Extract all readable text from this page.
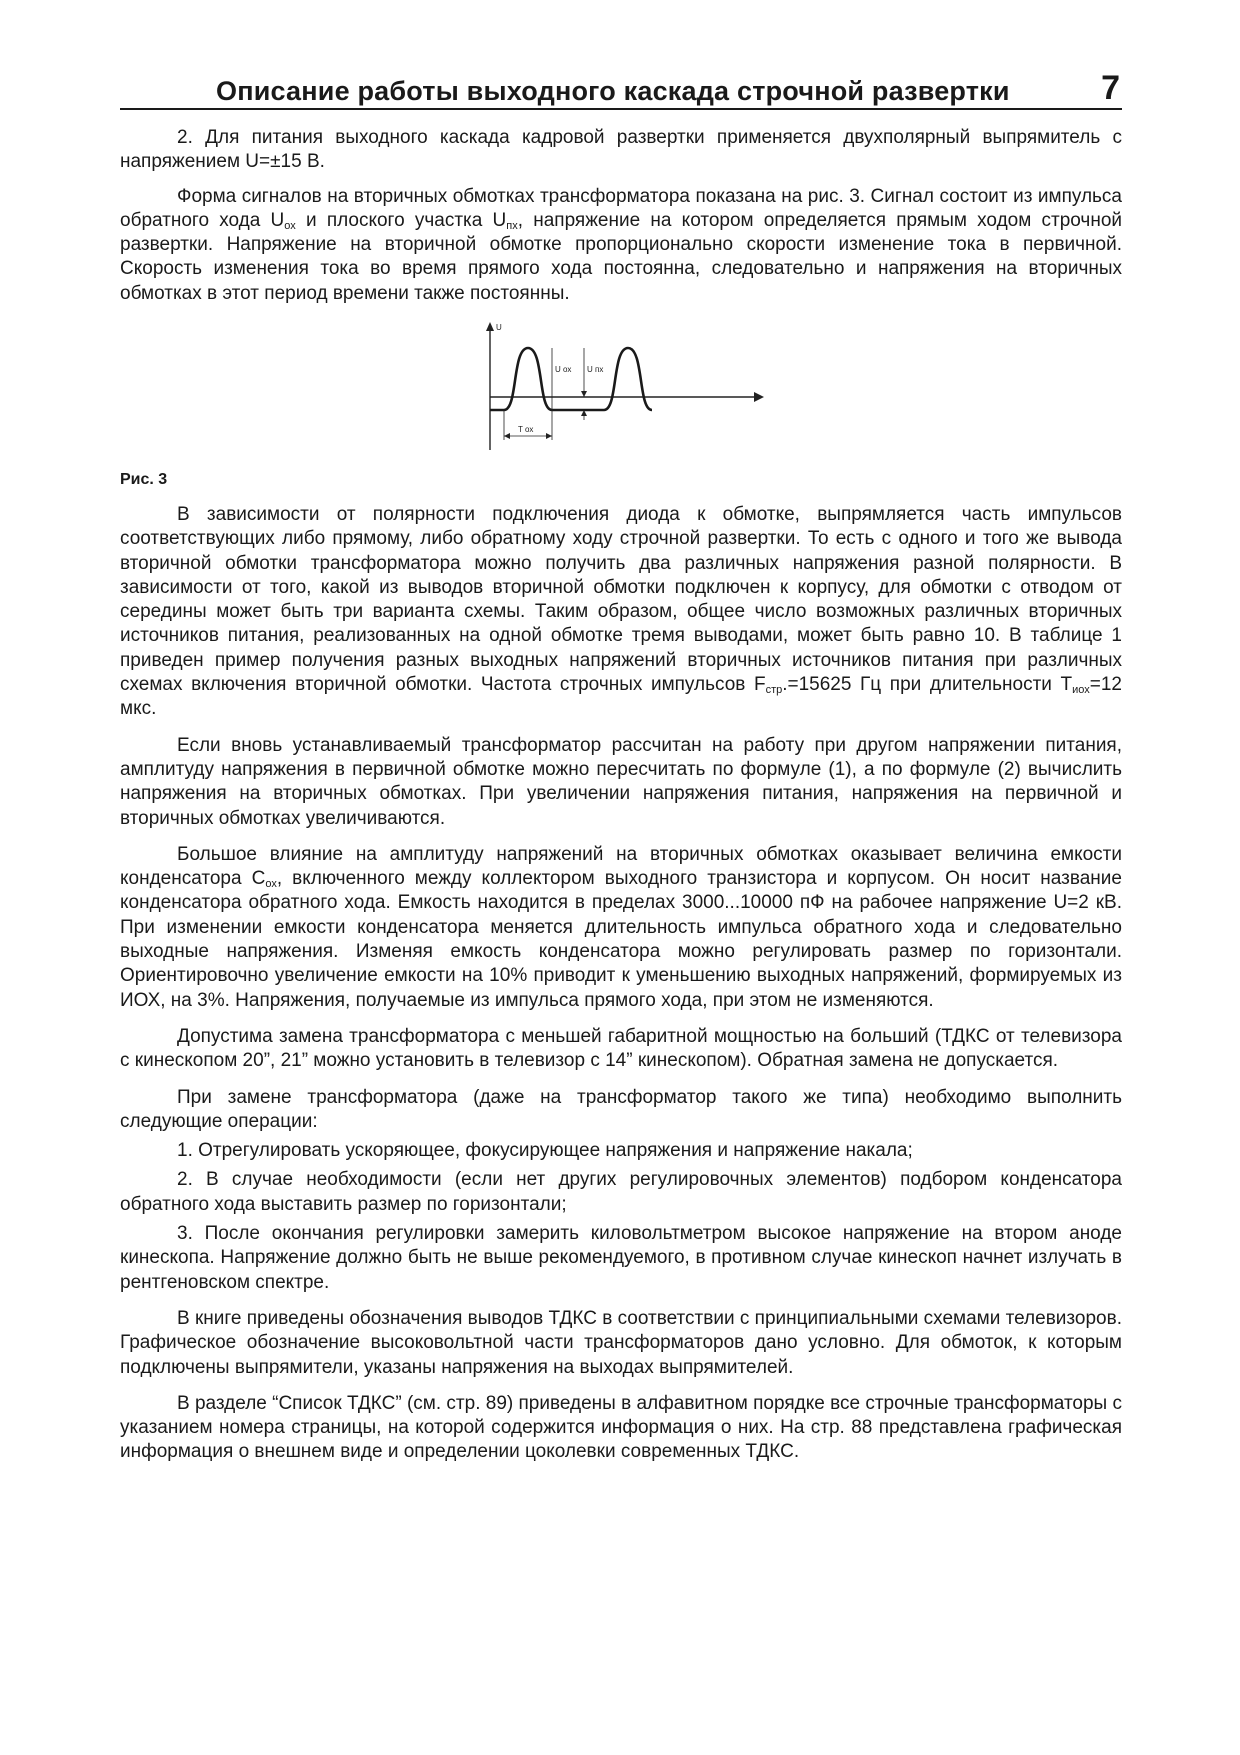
Описание работы выходного каскада строчной развертки	7

2. Для питания выходного каскада кадровой развертки применяется двухполярный выпрямитель с напряжением U=±15 В.

Форма сигналов на вторичных обмотках трансформатора показана на рис. 3. Сигнал состоит из импульса обратного хода $U_{ох}$ и плоского участка $U_{пх}$, напряжение на котором определяется прямым ходом строчной развертки. Напряжение на вторичной обмотке пропорционально скорости изменение тока в первичной. Скорость изменения тока во время прямого хода постоянна, следовательно и напряжения на вторичных обмотках в этот период времени также постоянны.

U
U ох U пх
T ох
Рис. 3

В зависимости от полярности подключения диода к обмотке, выпрямляется часть импульсов соответствующих либо прямому, либо обратному ходу строчной развертки. То есть с одного и того же вывода вторичной обмотки трансформатора можно получить два различных напряжения разной полярности. В зависимости от того, какой из выводов вторичной обмотки подключен к корпусу, для обмотки с отводом от середины может быть три варианта схемы. Таким образом, общее число возможных различных вторичных источников питания, реализованных на одной обмотке тремя выводами, может быть равно 10. В таблице 1 приведен пример получения разных выходных напряжений вторичных источников питания при различных схемах включения вторичной обмотки. Частота строчных импульсов $F_{стр}.=15625$ Гц при длительности $T_{иох}=12$ мкс.

Если вновь устанавливаемый трансформатор рассчитан на работу при другом напряжении питания, амплитуду напряжения в первичной обмотке можно пересчитать по формуле (1), а по формуле (2) вычислить напряжения на вторичных обмотках. При увеличении напряжения питания, напряжения на первичной и вторичных обмотках увеличиваются.

Большое влияние на амплитуду напряжений на вторичных обмотках оказывает величина емкости конденсатора $C_{ох}$, включенного между коллектором выходного транзистора и корпусом. Он носит название конденсатора обратного хода. Емкость находится в пределах 3000...10000 пФ на рабочее напряжение U=2 кВ. При изменении емкости конденсатора меняется длительность импульса обратного хода и следовательно выходные напряжения. Изменяя емкость конденсатора можно регулировать размер по горизонтали. Ориентировочно увеличение емкости на 10% приводит к уменьшению выходных напряжений, формируемых из ИОХ, на 3%. Напряжения, получаемые из импульса прямого хода, при этом не изменяются.

Допустима замена трансформатора с меньшей габаритной мощностью на больший (ТДКС от телевизора с кинескопом 20”, 21” можно установить в телевизор с 14” кинескопом). Обратная замена не допускается.

При замене трансформатора (даже на трансформатор такого же типа) необходимо выполнить следующие операции:

1. Отрегулировать ускоряющее, фокусирующее напряжения и напряжение накала;

2. В случае необходимости (если нет других регулировочных элементов) подбором конденсатора обратного хода выставить размер по горизонтали;

3. После окончания регулировки замерить киловольтметром высокое напряжение на втором аноде кинескопа. Напряжение должно быть не выше рекомендуемого, в противном случае кинескоп начнет излучать в рентгеновском спектре.

В книге приведены обозначения выводов ТДКС в соответствии с принципиальными схемами телевизоров. Графическое обозначение высоковольтной части трансформаторов дано условно. Для обмоток, к которым подключены выпрямители, указаны напряжения на выходах выпрямителей.

В разделе “Список ТДКС” (см. стр. 89) приведены в алфавитном порядке все строчные трансформаторы с указанием номера страницы, на которой содержится информация о них. На стр. 88 представлена графическая информация о внешнем виде и определении цоколевки современных ТДКС.
